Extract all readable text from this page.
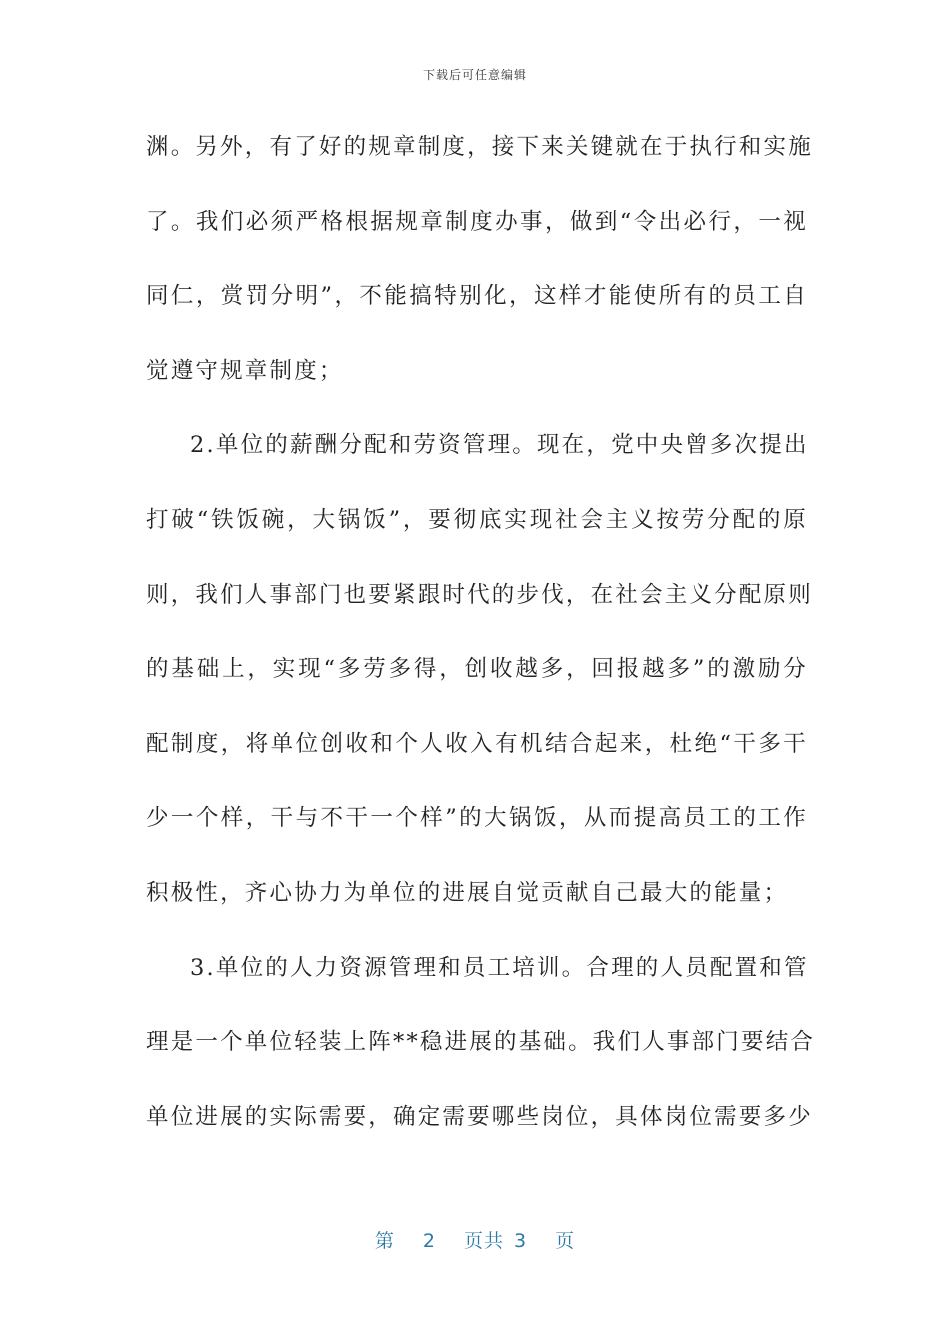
下载后可任意编辑
渊。另外，有了好的规章制度，接下来关键就在于执行和实施
了。我们必须严格根据规章制度办事，做到“令出必行，一视
同仁，赏罚分明”，不能搞特别化，这样才能使所有的员工自
觉遵守规章制度；
2.单位的薪酬分配和劳资管理。现在，党中央曾多次提出
打破“铁饭碗，大锅饭”，要彻底实现社会主义按劳分配的原
则，我们人事部门也要紧跟时代的步伐，在社会主义分配原则
的基础上，实现“多劳多得，创收越多，回报越多”的激励分
配制度，将单位创收和个人收入有机结合起来，杜绝“干多干
少一个样，干与不干一个样”的大锅饭，从而提高员工的工作
积极性，齐心协力为单位的进展自觉贡献自己最大的能量；
3.单位的人力资源管理和员工培训。合理的人员配置和管
理是一个单位轻装上阵**稳进展的基础。我们人事部门要结合
单位进展的实际需要，确定需要哪些岗位，具体岗位需要多少
第 2 页共 3 页
